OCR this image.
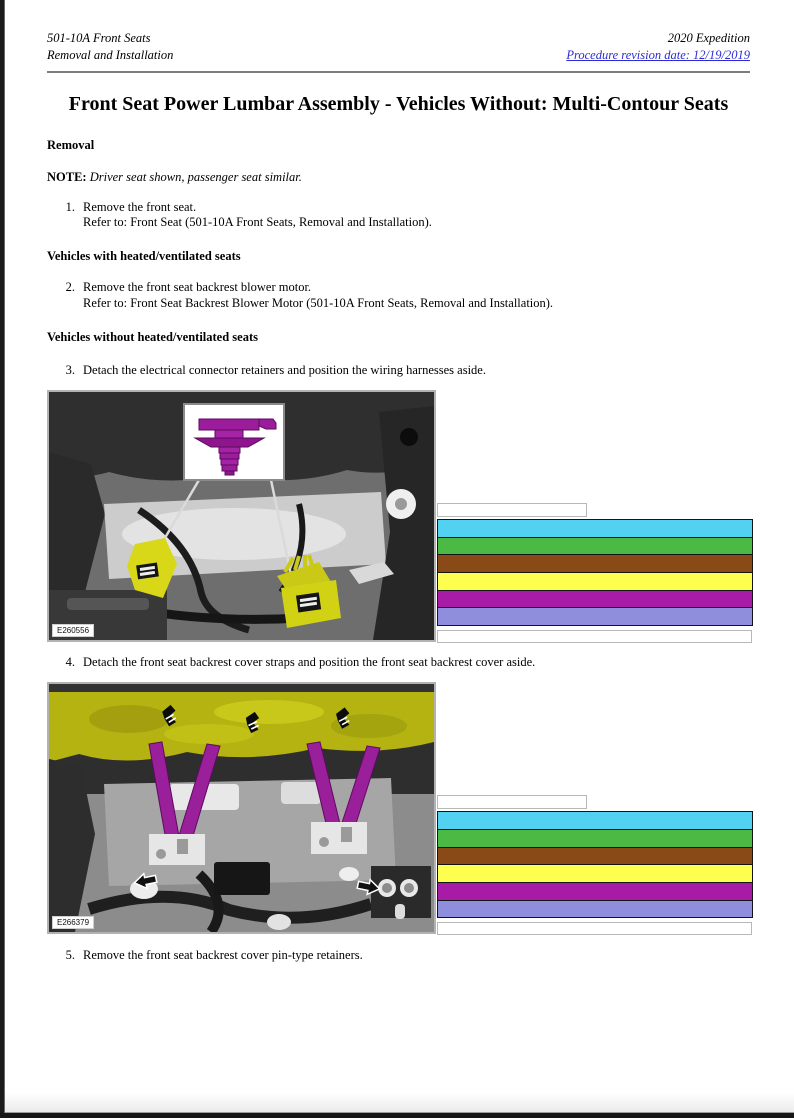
501-10A Front Seats
Removal and Installation
2020 Expedition
Procedure revision date: 12/19/2019
Front Seat Power Lumbar Assembly - Vehicles Without: Multi-Contour Seats
Removal

NOTE: Driver seat shown, passenger seat similar.

1. Remove the front seat.
Refer to: Front Seat (501-10A Front Seats, Removal and Installation).
Vehicles with heated/ventilated seats
2. Remove the front seat backrest blower motor.
Refer to: Front Seat Backrest Blower Motor (501-10A Front Seats, Removal and Installation).
Vehicles without heated/ventilated seats
3. Detach the electrical connector retainers and position the wiring harnesses aside.
E260556
4. Detach the front seat backrest cover straps and position the front seat backrest cover aside.
E266379
5. Remove the front seat backrest cover pin-type retainers.
